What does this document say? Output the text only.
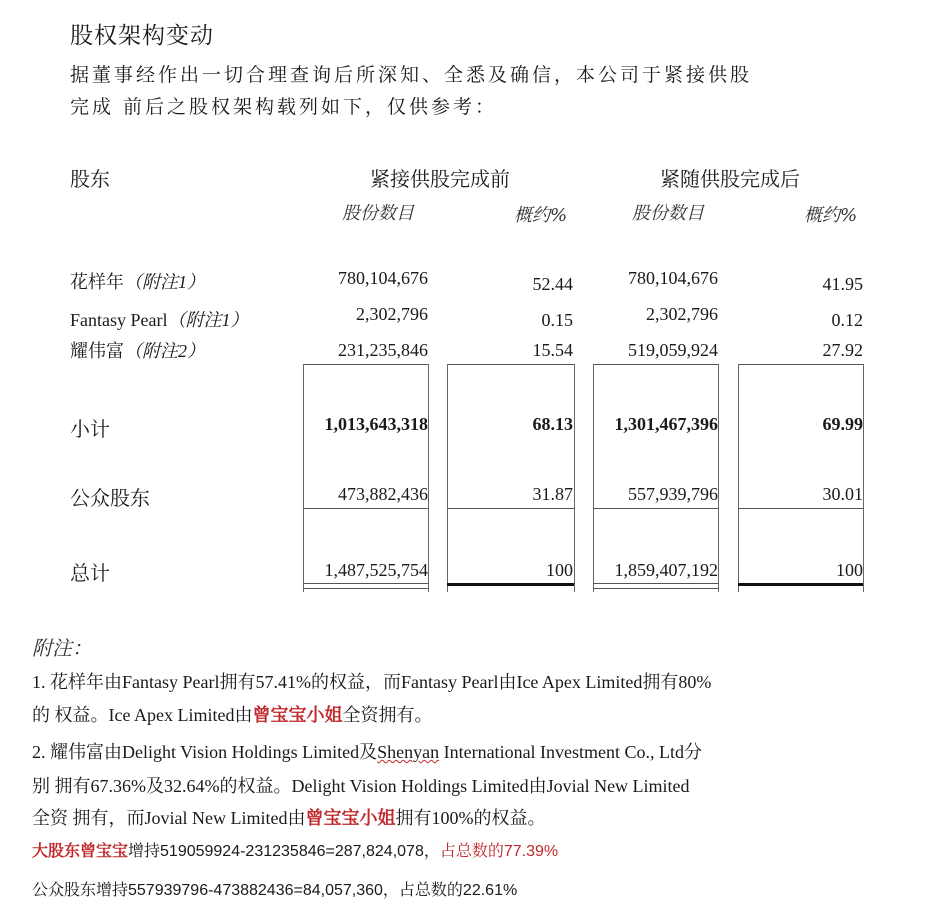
股权架构变动
据董事经作出一切合理查询后所深知、全悉及确信，本公司于紧接供股
完成 前后之股权架构载列如下，仅供参考：
股东	紧接供股完成前	紧随供股完成后
股份数目	概约%	股份数目	概约%
花样年（附注1）	780,104,676	52.44	780,104,676	41.95
Fantasy Pearl（附注1）	2,302,796	0.15	2,302,796	0.12
耀伟富（附注2）	231,235,846	15.54	519,059,924	27.92
小计	1,013,643,318	68.13 1,301,467,396	69.99
公众股东	473,882,436	31.87	557,939,796	30.01
总计	1,487,525,754	100 1,859,407,192	100
附注：
1. 花样年由Fantasy Pearl拥有57.41%的权益，而Fantasy Pearl由Ice Apex Limited拥有80%
的 权益。Ice Apex Limited由曾宝宝小姐全资拥有。
2. 耀伟富由Delight Vision Holdings Limited及Shenyan International Investment Co., Ltd分
别 拥有67.36%及32.64%的权益。Delight Vision Holdings Limited由Jovial New Limited
全资 拥有，而Jovial New Limited由曾宝宝小姐拥有100%的权益。
大股东曾宝宝增持519059924-231235846=287,824,078，占总数的77.39%
公众股东增持557939796-473882436=84,057,360，占总数的22.61%
